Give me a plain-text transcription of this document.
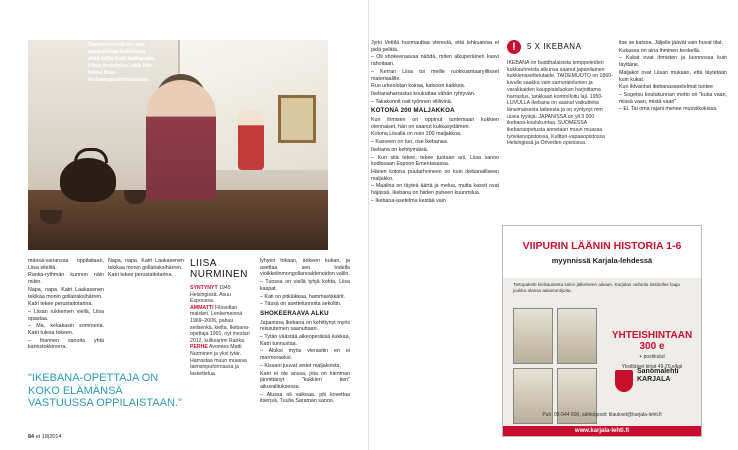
Teeseremonia on osa japanilaista kulttuuria yhtä lailla kuin kalligrafia. Liisa muistelee, että hän tekisi ihan Ikebanapuutarhassaan.

mänsä-varianssa oppilaitaan, Liisa sitelitä.

Ranka-rythmän kunnon näin mikin.

Napa, napa. Katri Laakasenen tekikaa monin gollairaksihärren.

Katri tekee perustaitotarina.

– Liisan rukkemen viellä, Liisa opastaa.

– Ma, kekakasin sommeria. Katri tulesa tekeen.

– Ihannen sanoita yhtä kannstokkinorra.

Napa, napa. Katri Laakasenen tekikaa monin gollairaksihärren.

Katri tekee perustaitotarina.

"IKEBANA-OPETTAJA ON KOKO ELÄMÄNSÄ VASTUUSSA OPPILAISTAAN."
LIISA NURMINEN
SYNTYNYT 1945 Helsingissä. Asuu Espoossa.
AMMATTI Filosofian maisteri. Lenkemeinnä 1969–2006, pahuu seilsenkä, kielta. Ikebana-opettaja 1991, nyt mestari 2012, kulksarimi Ranka.
PERHE Avomies Matti Nurminen ja yksi tytär. Harrastaa muun muassa taimsinpuformassa ja laskettelua.

lyhyen hikaan, ärikeen kukan, ja asettaa sen todella vioikkelinmongollanoaldenoidon valiin.

– Tuossa on viellä tyhjä kohta, Liisa kaspat.

– Kati on pitkäikkaa, hammastäkärit.

– Tässä on asettelunnoita sekoltin.

SHOKEERAAVA ALKU

Japanissa Ikebana on kehittynyt myös reissutemen saanuttaan.

– Tytän väästää alkeoperäisiä kukkaa, Katri tunnustaa.

– Aluksi myös vierasitin en ei marmoraeksi.

– Kissani juuvat vedet maljakoista.

Katri ei ole anssa, jota on hienman jännittänyt "kukkien tien" aikuvalituksessa.

– Alussa oli vaikeaa, piti kovettaa itsensä, Tuulia Saraman sanoo.

84 et 18|2014

Jyrki Vettilä huomauttaa vierestä, että lehkuanisa ei pidä pelätä.

– Oli shokeeraavaa nähdä, miten alkuperäinen kasvi rahoitaan.

– Kerran Liisa toi meille ruokkuamaaryillisset materiaalille.

Ruo urkeolutan koiraa, katsoon kaikkea.

Ikebanaharrastus koukuttaa vähän ryhtyvän.

– Takakonnit nait työnnen vililivinä.

KOTONA 200 MALJAKKOA

Kun ihmisen on oppinut tuntemaan kukkien olennaiset, hän on saanut kukkasydämen.

Kotona Liisalla on noin 200 maljakkoa.

– Kasveen on tuo, ose lkebanaa.

Ikebana on kehitymäisä.

– Kun sitä tekee, tekee tuotaan arii, Liisa sanoo kodissaan Espoon Ementasassa.

Hänen kotona puutarhoineen on kuin ikebanalliseen maljakko.

– Maalina on täyteä äärtä ja melua, mutta kasvit ovat häjässä. Ikebana on hiiden puheen kuunmilua.

– Ikebana-asetelma kestää vain

!	5 X IKEBANA
IKEBANA on buddhalaisista temppeleiden kukkauhreista alkunsa saanut japanilainen kukkienasettelutaide. TAIDEMUOTO on 1860-luvulle saakka vain samuraiolunien ja varakkaiden kauppiaisluokan harjoittama harrastus, tankkaan kontrolloitu laji. 1950-LUVULLA Ikebana on saanut vaikutteita länsimaisesta taiteesta ja on syntynyt mm uusia tyylejä. JAPANISSA on yli 3 000 ikebana-koulukuntaa. SUOMESSA ikebanaopetusta annetaan muun muassa työväenopistoissa, Kultturi-vapaaopistossa Helsingissä ja Oriveden opistossa.

itse se katsoa. Jäljelle jäävät vain huvat tilat.

Kukassa on aina ihminen keskellä.

– Kukat ovat ihmisten ja luonnossa kuin täyttäne.

Maljakot ovat Liisan mukaan, että täytetään kuin kukat.

Kun iktvanhat ikebanasasetelmat tuntee

– Sogetsu koulukunnan motto on "kuka vaan, missä vaan, mistä vaan".

– Ei. Tai oma rajani menee muoviikokissa.

VIIPURIN LÄÄNIN HISTORIA 1-6
myynnissä Karjala-lehdessä
Tietopaketti kivikaudesta solen jälkeiseen aikaan. Karjalan vaiheita käsitellee laaja joukko alansa asiantuntijoita.
YHTEISHINTAAN 300 e
+ postikulut
Yksittäiset kirjat 49-70 e/kpl
Sanomalehti KARJALA
Puh. 05-544 600, sähköposti: tilaukset@karjala-lehti.fi
www.karjala-lehti.fi
